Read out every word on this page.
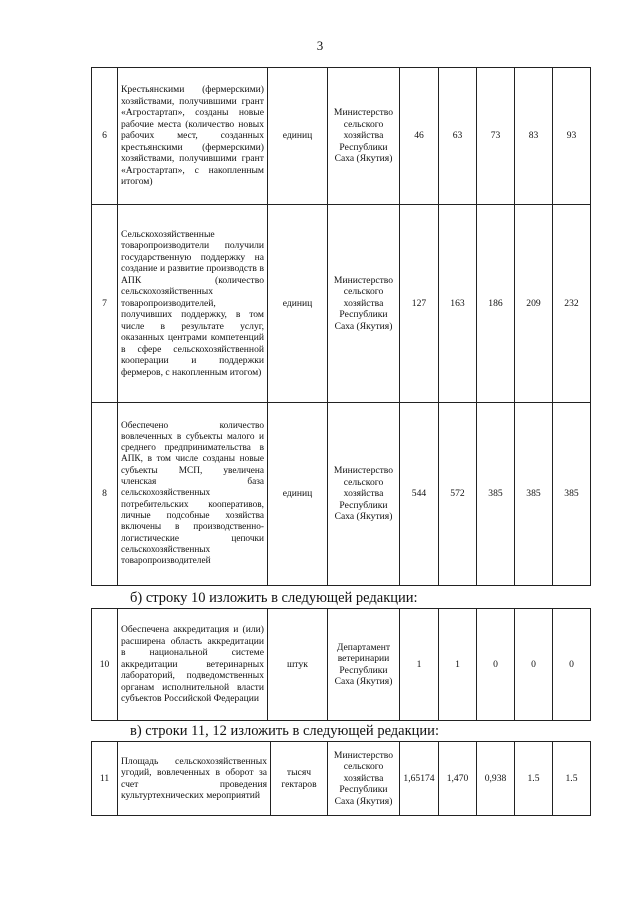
3
6	Крестьянскими (фермерскими) хозяйствами, получившими грант «Агростартап», созданы новые рабочие места (количество новых рабочих мест, созданных крестьянскими (фермерскими) хозяйствами, получившими грант «Агростартап», с накопленным итогом)	единиц	Министерство сельского хозяйства Республики Саха (Якутия)	46	63	73	83	93
7	Сельскохозяйственные товаропроизводители получили государственную поддержку на создание и развитие производств в АПК (количество сельскохозяйственных товаропроизводителей, получивших поддержку, в том числе в результате услуг, оказанных центрами компетенций в сфере сельскохозяйственной кооперации и поддержки фермеров, с накопленным итогом)	единиц	Министерство сельского хозяйства Республики Саха (Якутия)	127	163	186	209	232
8	Обеспечено количество вовлеченных в субъекты малого и среднего предпринимательства в АПК, в том числе созданы новые субъекты МСП, увеличена членская база сельскохозяйственных потребительских кооперативов, личные подсобные хозяйства включены в производственно-логистические цепочки сельскохозяйственных товаропроизводителей	единиц	Министерство сельского хозяйства Республики Саха (Якутия)	544	572	385	385	385
б) строку 10 изложить в следующей редакции:
10	Обеспечена аккредитация и (или) расширена область аккредитации в национальной системе аккредитации ветеринарных лабораторий, подведомственных органам исполнительной власти субъектов Российской Федерации	штук	Департамент ветеринарии Республики Саха (Якутия)	1	1	0	0	0
в) строки 11, 12 изложить в следующей редакции:
11	Площадь сельскохозяйственных угодий, вовлеченных в оборот за счет проведения культуртехнических мероприятий	тысяч гектаров	Министерство сельского хозяйства Республики Саха (Якутия)	1,65174	1,470	0,938	1.5	1.5
